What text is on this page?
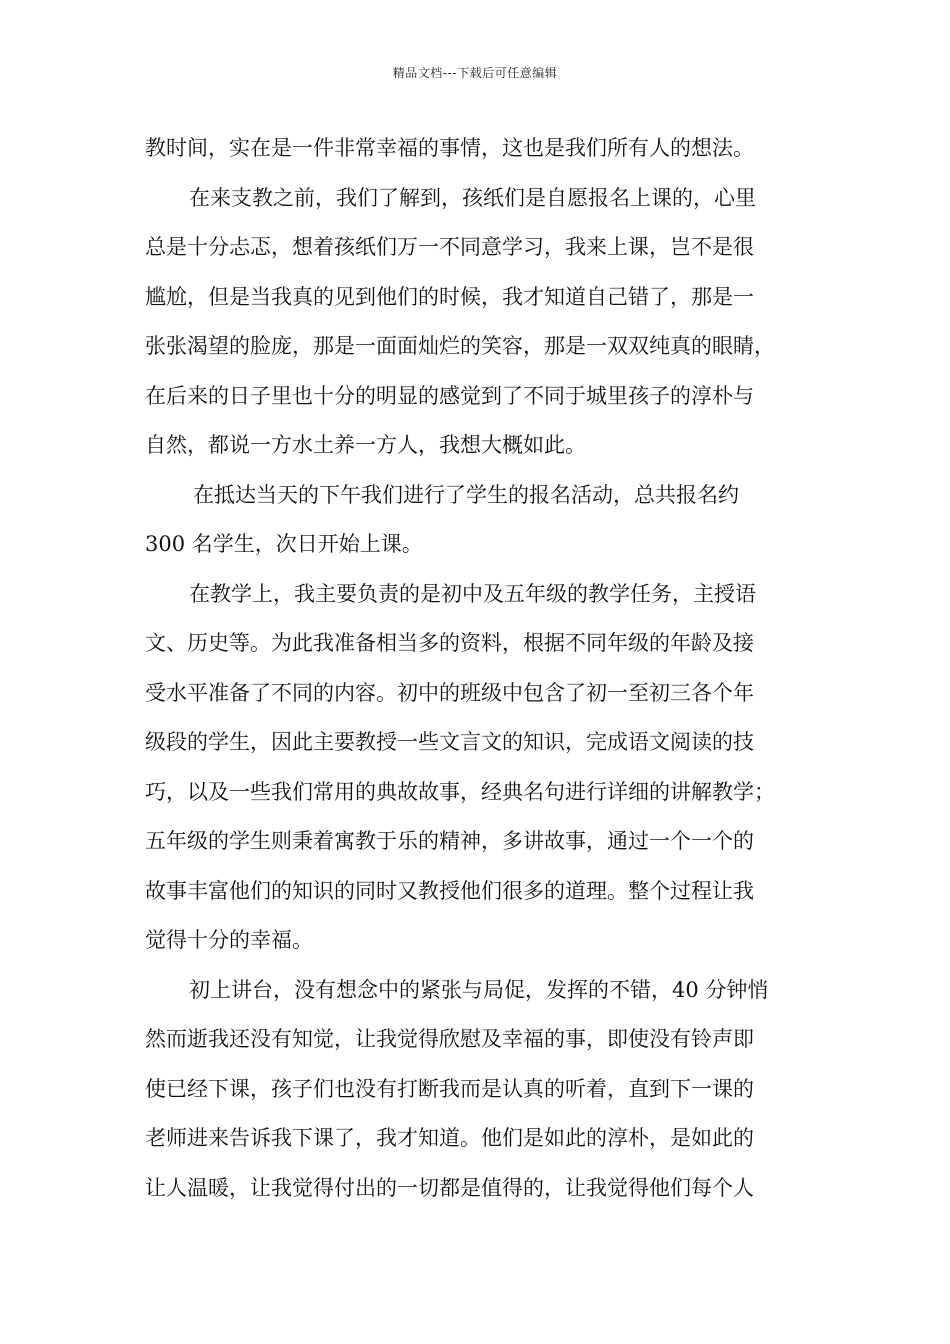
精品文档---下载后可任意编辑
教时间，实在是一件非常幸福的事情，这也是我们所有人的想法。
在来支教之前，我们了解到，孩纸们是自愿报名上课的，心里
总是十分忐忑，想着孩纸们万一不同意学习，我来上课，岂不是很
尴尬，但是当我真的见到他们的时候，我才知道自己错了，那是一
张张渴望的脸庞，那是一面面灿烂的笑容，那是一双双纯真的眼睛，
在后来的日子里也十分的明显的感觉到了不同于城里孩子的淳朴与
自然，都说一方水土养一方人，我想大概如此。
在抵达当天的下午我们进行了学生的报名活动，总共报名约
300 名学生，次日开始上课。
在教学上，我主要负责的是初中及五年级的教学任务，主授语
文、历史等。为此我准备相当多的资料，根据不同年级的年龄及接
受水平准备了不同的内容。初中的班级中包含了初一至初三各个年
级段的学生，因此主要教授一些文言文的知识，完成语文阅读的技
巧，以及一些我们常用的典故故事，经典名句进行详细的讲解教学；
五年级的学生则秉着寓教于乐的精神，多讲故事，通过一个一个的
故事丰富他们的知识的同时又教授他们很多的道理。整个过程让我
觉得十分的幸福。
初上讲台，没有想念中的紧张与局促，发挥的不错，40 分钟悄
然而逝我还没有知觉，让我觉得欣慰及幸福的事，即使没有铃声即
使已经下课，孩子们也没有打断我而是认真的听着，直到下一课的
老师进来告诉我下课了，我才知道。他们是如此的淳朴，是如此的
让人温暖，让我觉得付出的一切都是值得的，让我觉得他们每个人
